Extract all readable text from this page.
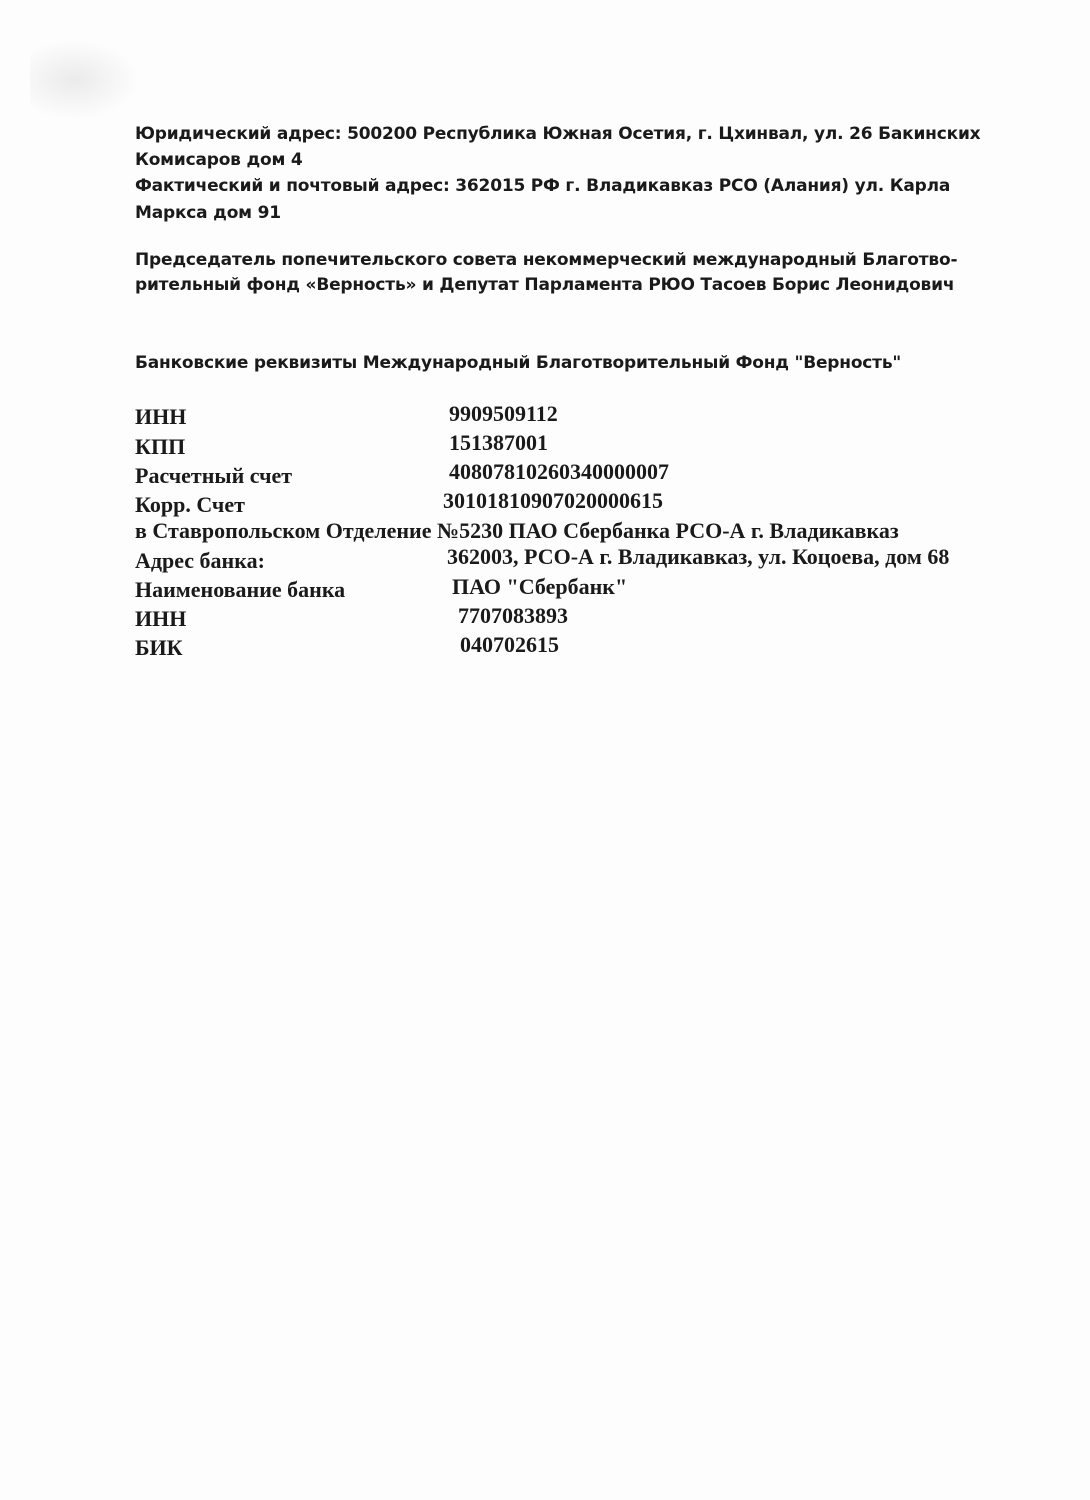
Юридический адрес: 500200 Республика Южная Осетия, г. Цхинвал, ул. 26 Бакинских

Комисаров дом 4

Фактический и почтовый адрес: 362015 РФ г. Владикавказ РСО (Алания) ул. Карла

Маркса дом 91

Председатель попечительского совета некоммерческий международный Благотво-

рительный фонд «Верность» и Депутат Парламента РЮО Тасоев Борис Леонидович

Банковские реквизиты Международный Благотворительный Фонд "Верность"

ИНН	9909509112
КПП	151387001
Расчетный счет	40807810260340000007
Корр. Счет	30101810907020000615
в Ставропольском Отделение №5230 ПАО Сбербанка РСО-А г. Владикавказ
Адрес банка:	362003, РСО-А г. Владикавказ, ул. Коцоева, дом 68
Наименование банка	ПАО "Сбербанк"
ИНН	7707083893
БИК	040702615
